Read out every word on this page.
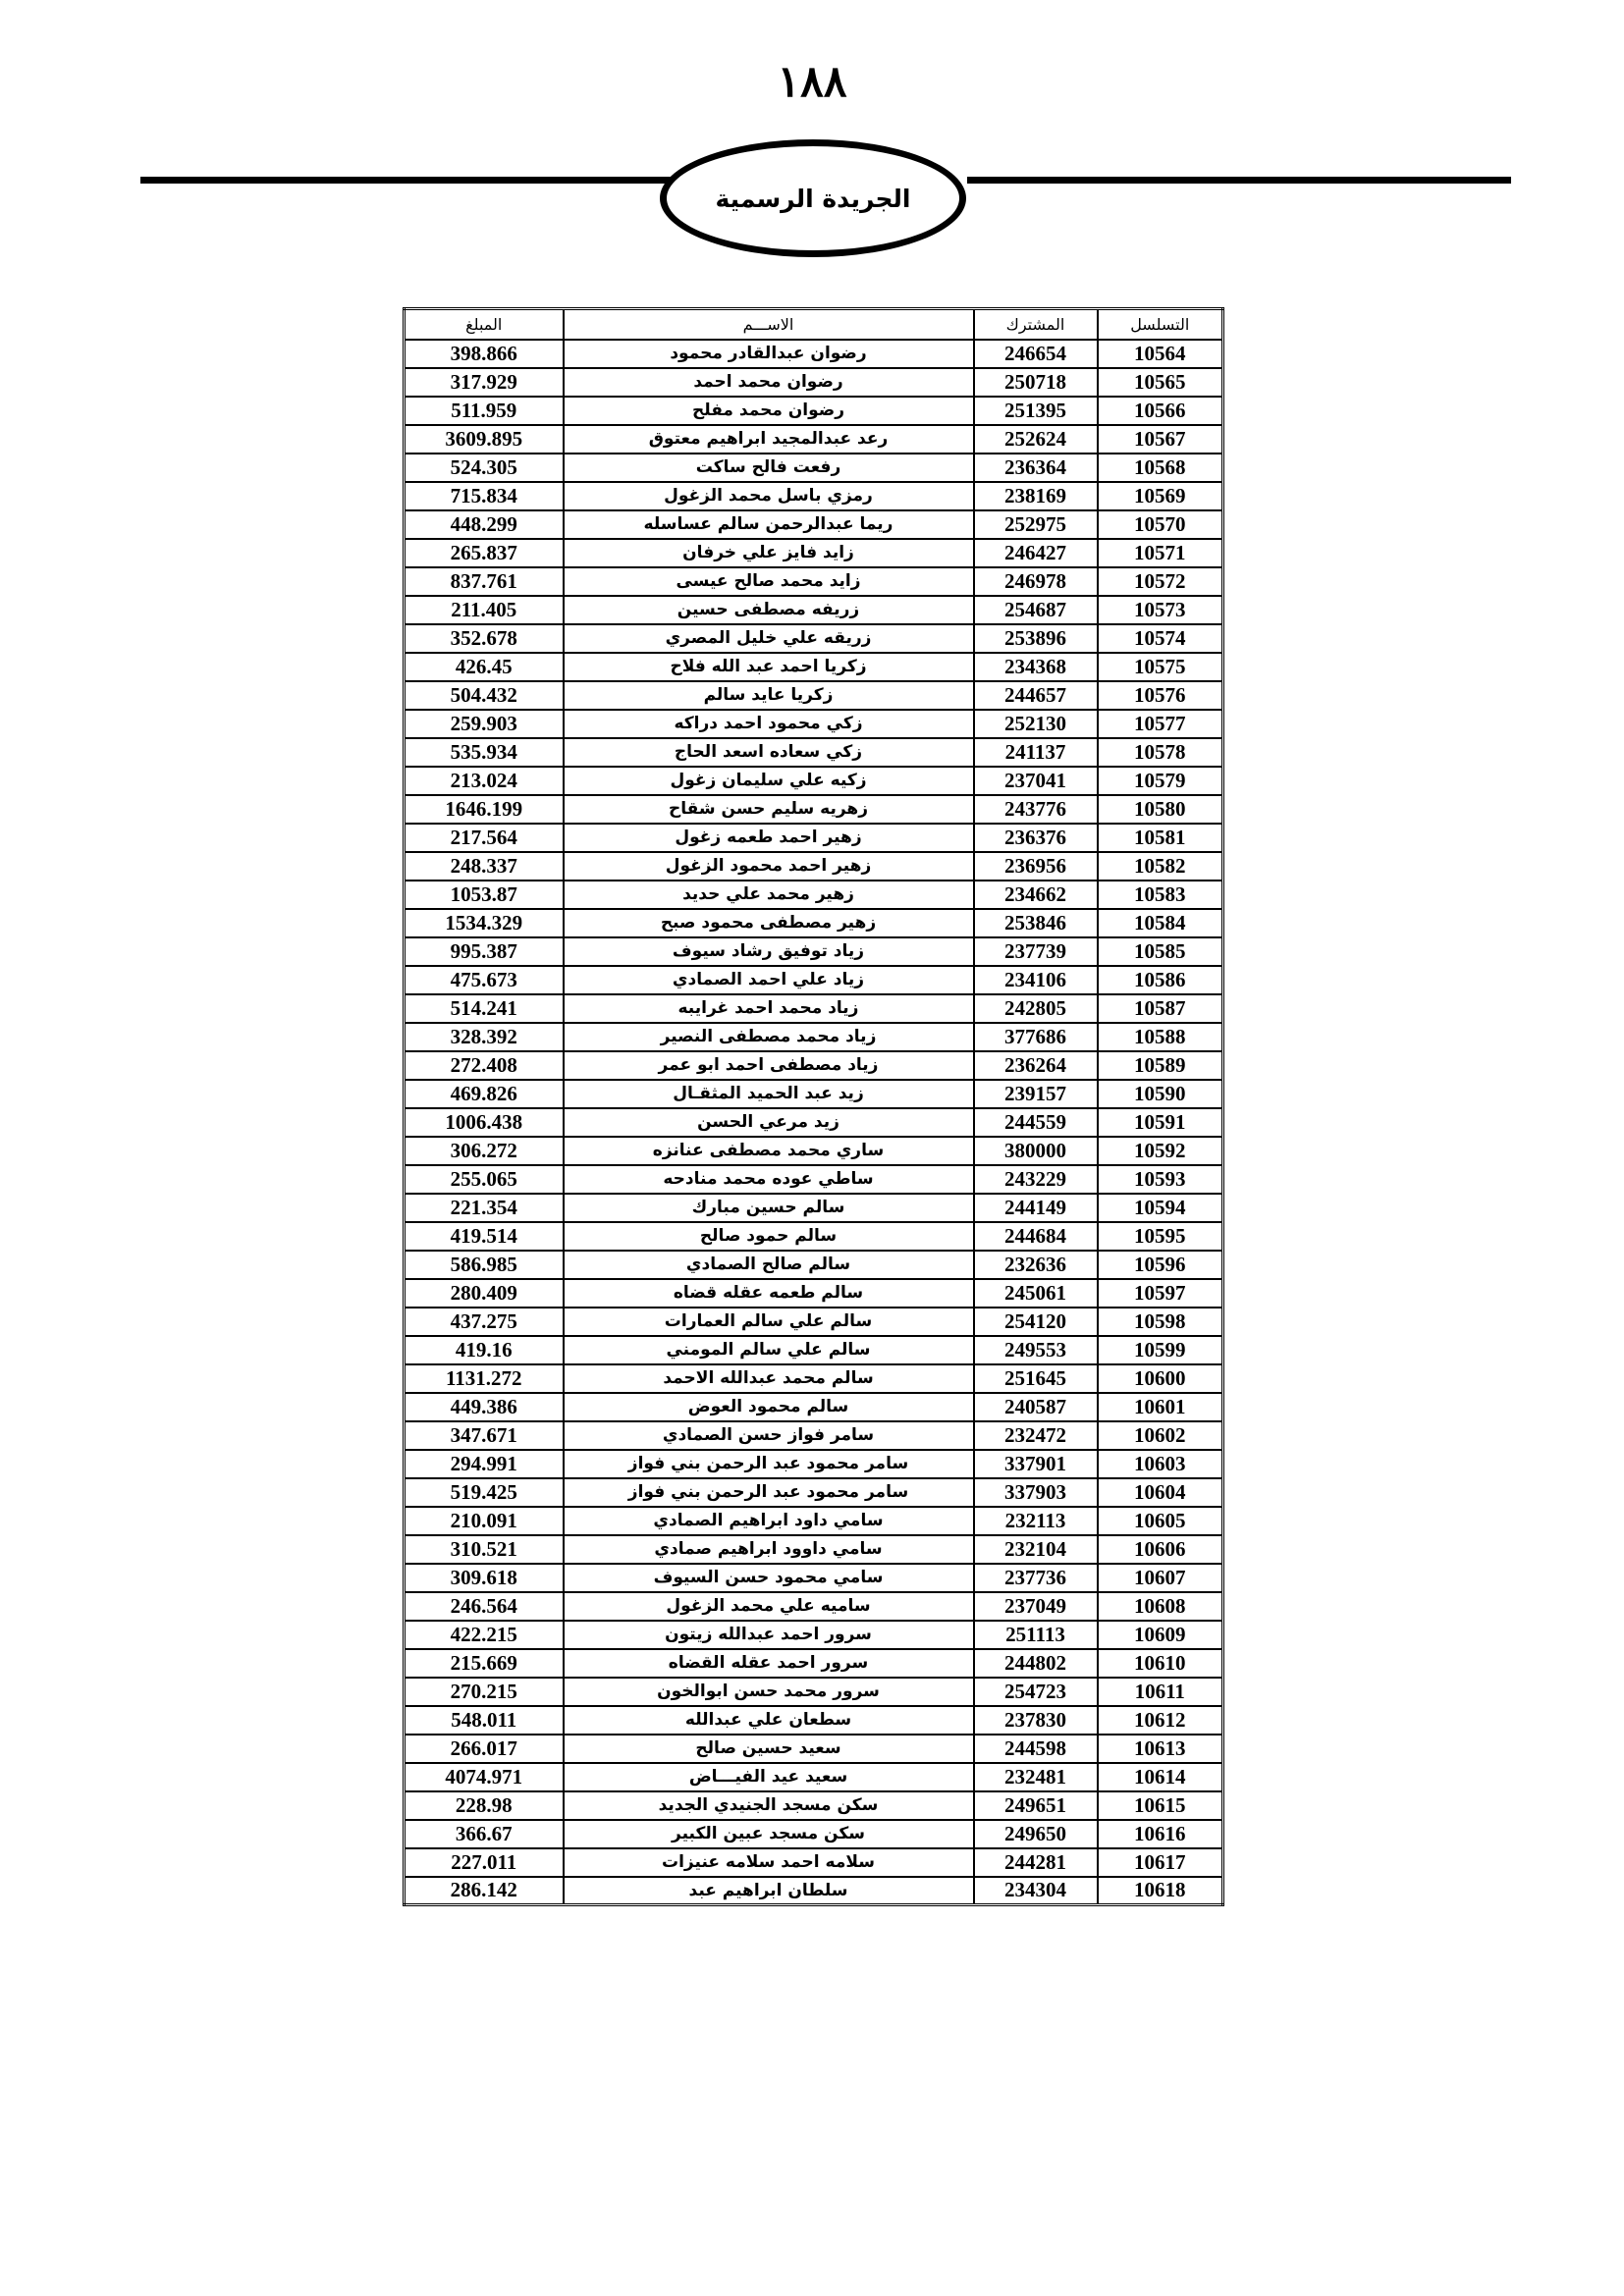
١٨٨
الجريدة الرسمية
التسلسل	المشترك	الاســـم	المبلغ
10564	246654	رضوان عبدالقادر محمود	398.866
10565	250718	رضوان محمد احمد	317.929
10566	251395	رضوان محمد مفلح	511.959
10567	252624	رعد عبدالمجيد ابراهيم معتوق	3609.895
10568	236364	رفعت فالح ساكت	524.305
10569	238169	رمزي باسل محمد الزغول	715.834
10570	252975	ريما عبدالرحمن سالم عساسله	448.299
10571	246427	زايد فايز علي خرفان	265.837
10572	246978	زايد محمد صالح عيسى	837.761
10573	254687	زريفه مصطفى حسين	211.405
10574	253896	زريقه علي خليل المصري	352.678
10575	234368	زكريا احمد عبد الله فلاح	426.45
10576	244657	زكريا عايد سالم	504.432
10577	252130	زكي محمود احمد دراكه	259.903
10578	241137	زكي سعاده اسعد الحاج	535.934
10579	237041	زكيه علي سليمان زغول	213.024
10580	243776	زهريه سليم حسن شقاح	1646.199
10581	236376	زهير احمد طعمه زغول	217.564
10582	236956	زهير احمد محمود الزغول	248.337
10583	234662	زهير محمد علي حديد	1053.87
10584	253846	زهير مصطفى محمود صبح	1534.329
10585	237739	زياد توفيق رشاد سيوف	995.387
10586	234106	زياد علي احمد الصمادي	475.673
10587	242805	زياد محمد احمد غرايبه	514.241
10588	377686	زياد محمد مصطفى النصير	328.392
10589	236264	زياد مصطفى احمد ابو عمر	272.408
10590	239157	زيد عبد الحميد المثقـال	469.826
10591	244559	زيد مرعي الحسن	1006.438
10592	380000	ساري محمد مصطفى عنانزه	306.272
10593	243229	ساطي عوده محمد منادحه	255.065
10594	244149	سالم حسين مبارك	221.354
10595	244684	سالم حمود صالح	419.514
10596	232636	سالم صالح الصمادي	586.985
10597	245061	سالم طعمه عقله قضاه	280.409
10598	254120	سالم علي سالم العمارات	437.275
10599	249553	سالم علي سالم المومني	419.16
10600	251645	سالم محمد عبدالله الاحمد	1131.272
10601	240587	سالم محمود العوض	449.386
10602	232472	سامر فواز حسن الصمادي	347.671
10603	337901	سامر محمود عبد الرحمن بني فواز	294.991
10604	337903	سامر محمود عبد الرحمن بني فواز	519.425
10605	232113	سامي داود ابراهيم الصمادي	210.091
10606	232104	سامي داوود ابراهيم صمادي	310.521
10607	237736	سامي محمود حسن السيوف	309.618
10608	237049	ساميه علي محمد الزغول	246.564
10609	251113	سرور احمد عبدالله زيتون	422.215
10610	244802	سرور احمد عقله القضاه	215.669
10611	254723	سرور محمد حسن ابوالخون	270.215
10612	237830	سطعان علي عبدالله	548.011
10613	244598	سعيد حسين صالح	266.017
10614	232481	سعيد عيد الفيـــاض	4074.971
10615	249651	سكن مسجد الجنيدي الجديد	228.98
10616	249650	سكن مسجد عبين الكبير	366.67
10617	244281	سلامه احمد سلامه عنيزات	227.011
10618	234304	سلطان ابراهيم عبد	286.142
